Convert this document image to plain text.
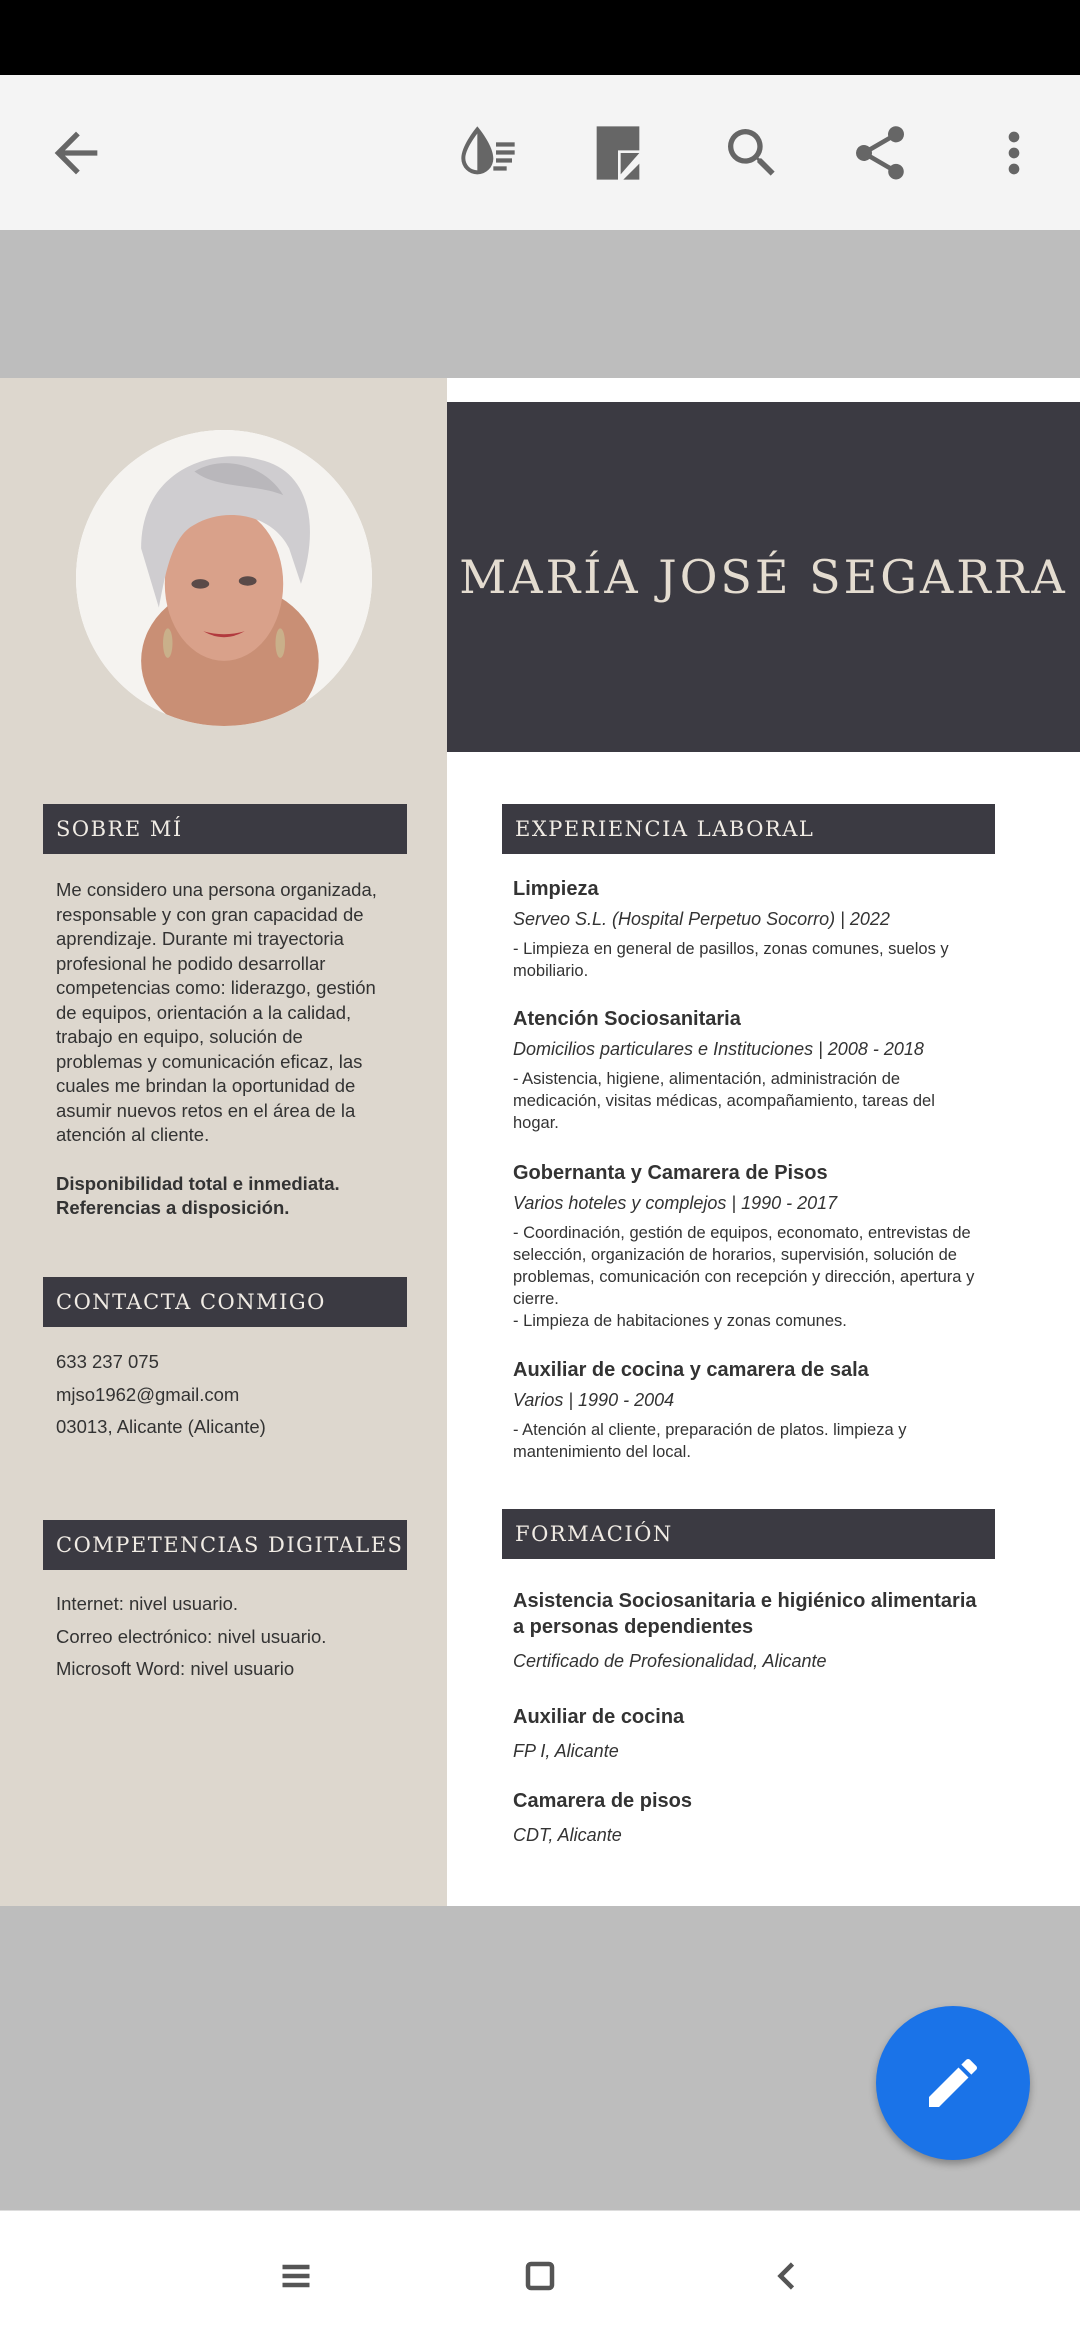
MARÍA JOSÉ SEGARRA
SOBRE MÍ

Me considero una persona organizada, responsable y con gran capacidad de aprendizaje. Durante mi trayectoria profesional he podido desarrollar competencias como: liderazgo, gestión de equipos, orientación a la calidad, trabajo en equipo, solución de problemas y comunicación eficaz, las cuales me brindan la oportunidad de asumir nuevos retos en el área de la atención al cliente.

Disponibilidad total e inmediata.
Referencias a disposición.
CONTACTA CONMIGO
633 237 075
mjso1962@gmail.com
03013, Alicante (Alicante)
COMPETENCIAS DIGITALES
Internet: nivel usuario.
Correo electrónico: nivel usuario.
Microsoft Word: nivel usuario
EXPERIENCIA LABORAL
Limpieza
Serveo S.L. (Hospital Perpetuo Socorro) | 2022
- Limpieza en general de pasillos, zonas comunes, suelos y mobiliario.
Atención Sociosanitaria
Domicilios particulares e Instituciones | 2008 - 2018
- Asistencia, higiene, alimentación, administración de medicación, visitas médicas, acompañamiento, tareas del hogar.
Gobernanta y Camarera de Pisos
Varios hoteles y complejos | 1990 - 2017
- Coordinación, gestión de equipos, economato, entrevistas de selección, organización de horarios, supervisión, solución de problemas, comunicación con recepción y dirección, apertura y cierre.
- Limpieza de habitaciones y zonas comunes.
Auxiliar de cocina y camarera de sala
Varios | 1990 - 2004
- Atención al cliente, preparación de platos. limpieza y mantenimiento del local.
FORMACIÓN
Asistencia Sociosanitaria e higiénico alimentaria a personas dependientes
Certificado de Profesionalidad, Alicante
Auxiliar de cocina
FP I, Alicante
Camarera de pisos
CDT, Alicante
